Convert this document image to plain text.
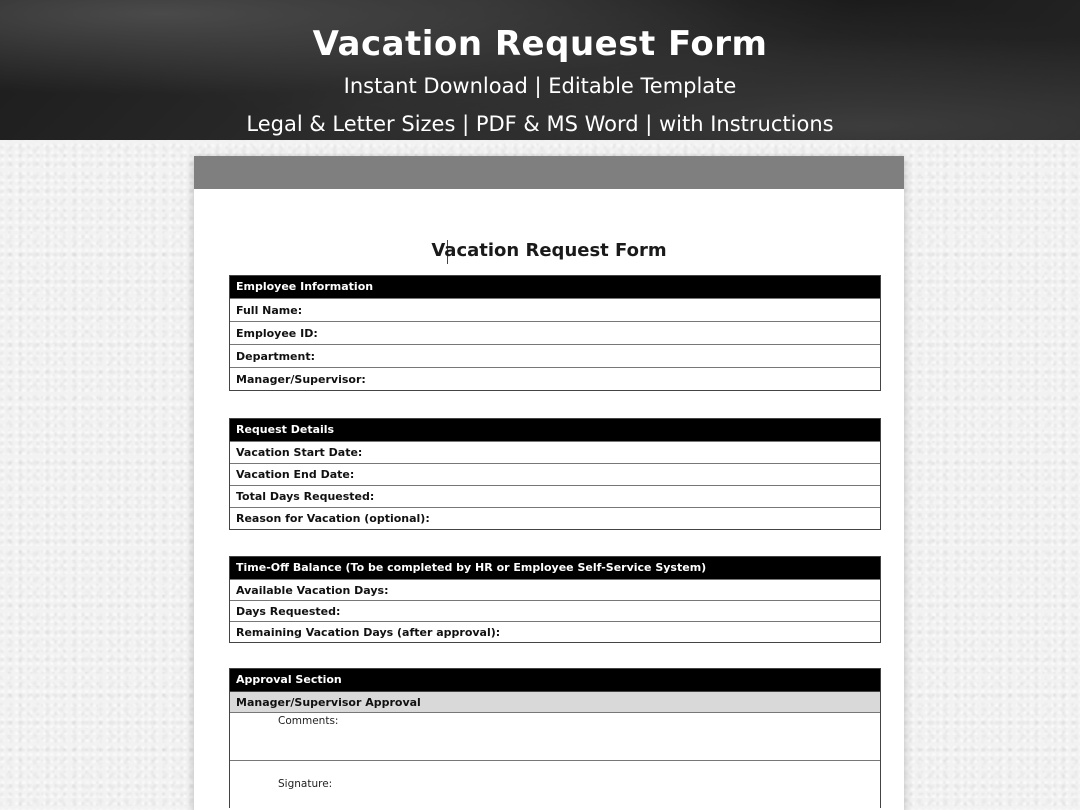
Vacation Request Form
Instant Download | Editable Template
Legal & Letter Sizes | PDF & MS Word | with Instructions
Vacation Request Form
Employee Information
Full Name:
Employee ID:
Department:
Manager/Supervisor:
Request Details
Vacation Start Date:
Vacation End Date:
Total Days Requested:
Reason for Vacation (optional):
Time-Off Balance (To be completed by HR or Employee Self-Service System)
Available Vacation Days:
Days Requested:
Remaining Vacation Days (after approval):
Approval Section
Manager/Supervisor Approval
Comments:
Signature:
